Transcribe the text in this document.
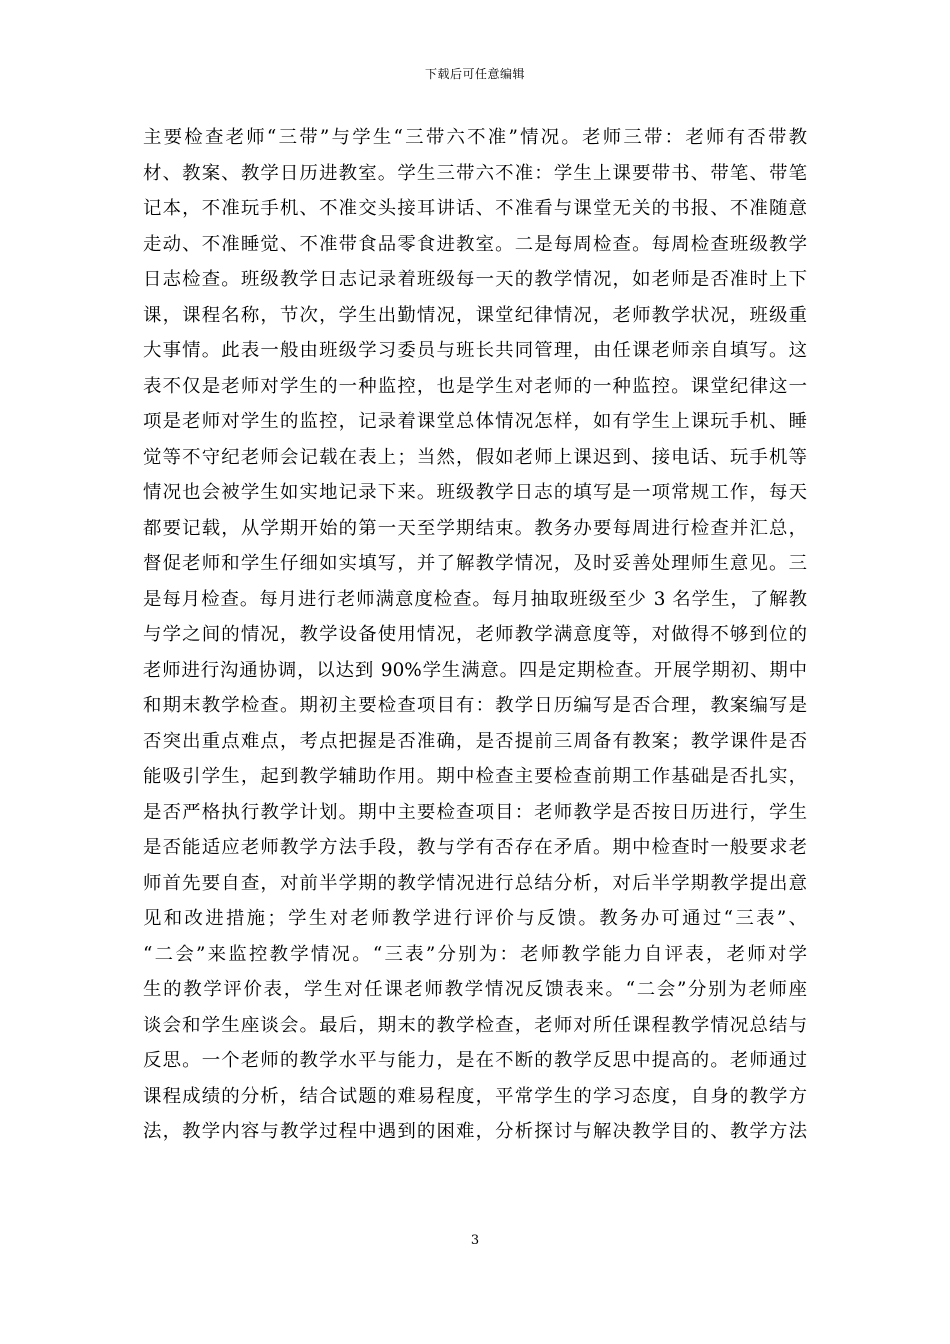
下载后可任意编辑
主要检查老师“三带”与学生“三带六不准”情况。老师三带：老师有否带教
材、教案、教学日历进教室。学生三带六不准：学生上课要带书、带笔、带笔
记本，不准玩手机、不准交头接耳讲话、不准看与课堂无关的书报、不准随意
走动、不准睡觉、不准带食品零食进教室。二是每周检查。每周检查班级教学
日志检查。班级教学日志记录着班级每一天的教学情况，如老师是否准时上下
课，课程名称，节次，学生出勤情况，课堂纪律情况，老师教学状况，班级重
大事情。此表一般由班级学习委员与班长共同管理，由任课老师亲自填写。这
表不仅是老师对学生的一种监控，也是学生对老师的一种监控。课堂纪律这一
项是老师对学生的监控，记录着课堂总体情况怎样，如有学生上课玩手机、睡
觉等不守纪老师会记载在表上；当然，假如老师上课迟到、接电话、玩手机等
情况也会被学生如实地记录下来。班级教学日志的填写是一项常规工作，每天
都要记载，从学期开始的第一天至学期结束。教务办要每周进行检查并汇总，
督促老师和学生仔细如实填写，并了解教学情况，及时妥善处理师生意见。三
是每月检查。每月进行老师满意度检查。每月抽取班级至少 3 名学生，了解教
与学之间的情况，教学设备使用情况，老师教学满意度等，对做得不够到位的
老师进行沟通协调，以达到 90%学生满意。四是定期检查。开展学期初、期中
和期末教学检查。期初主要检查项目有：教学日历编写是否合理，教案编写是
否突出重点难点，考点把握是否准确，是否提前三周备有教案；教学课件是否
能吸引学生，起到教学辅助作用。期中检查主要检查前期工作基础是否扎实，
是否严格执行教学计划。期中主要检查项目：老师教学是否按日历进行，学生
是否能适应老师教学方法手段，教与学有否存在矛盾。期中检查时一般要求老
师首先要自查，对前半学期的教学情况进行总结分析，对后半学期教学提出意
见和改进措施；学生对老师教学进行评价与反馈。教务办可通过“三表”、
“二会”来监控教学情况。“三表”分别为：老师教学能力自评表，老师对学
生的教学评价表，学生对任课老师教学情况反馈表来。“二会”分别为老师座
谈会和学生座谈会。最后，期末的教学检查，老师对所任课程教学情况总结与
反思。一个老师的教学水平与能力，是在不断的教学反思中提高的。老师通过
课程成绩的分析，结合试题的难易程度，平常学生的学习态度，自身的教学方
法，教学内容与教学过程中遇到的困难，分析探讨与解决教学目的、教学方法
3
